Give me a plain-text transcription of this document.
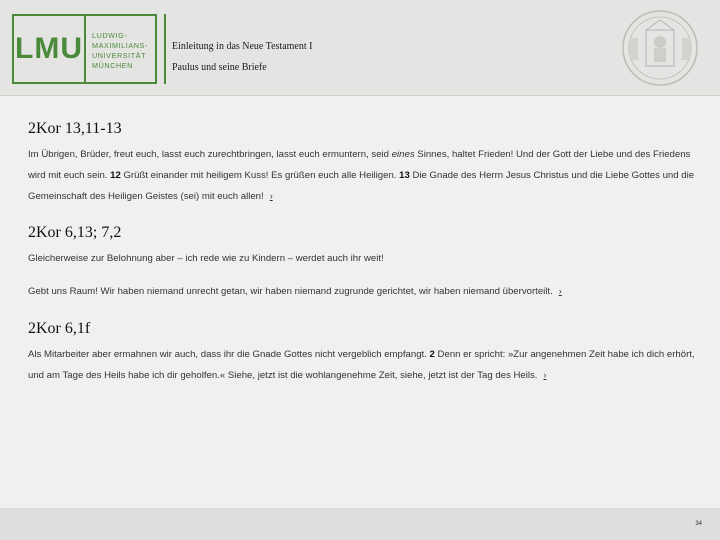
LMU	LUDWIG-
MAXIMILIANS-
UNIVERSITÄT
MÜNCHEN
Einleitung in das Neue Testament I
Paulus und seine Briefe
2Kor 13,11-13

Im Übrigen, Brüder, freut euch, lasst euch zurechtbringen, lasst euch ermuntern, seid eines Sinnes, haltet Frieden! Und der Gott der Liebe und des Friedens wird mit euch sein. 12 Grüßt einander mit heiligem Kuss! Es grüßen euch alle Heiligen. 13 Die Gnade des Herrn Jesus Christus und die Liebe Gottes und die Gemeinschaft des Heiligen Geistes (sei) mit euch allen! ›

2Kor 6,13; 7,2

Gleicherweise zur Belohnung aber – ich rede wie zu Kindern – werdet auch ihr weit!

Gebt uns Raum! Wir haben niemand unrecht getan, wir haben niemand zugrunde gerichtet, wir haben niemand übervorteilt. ›

2Kor 6,1f

Als Mitarbeiter aber ermahnen wir auch, dass ihr die Gnade Gottes nicht vergeblich empfangt. 2 Denn er spricht: »Zur angenehmen Zeit habe ich dich erhört, und am Tage des Heils habe ich dir geholfen.« Siehe, jetzt ist die wohlangenehme Zeit, siehe, jetzt ist der Tag des Heils. ›

34
